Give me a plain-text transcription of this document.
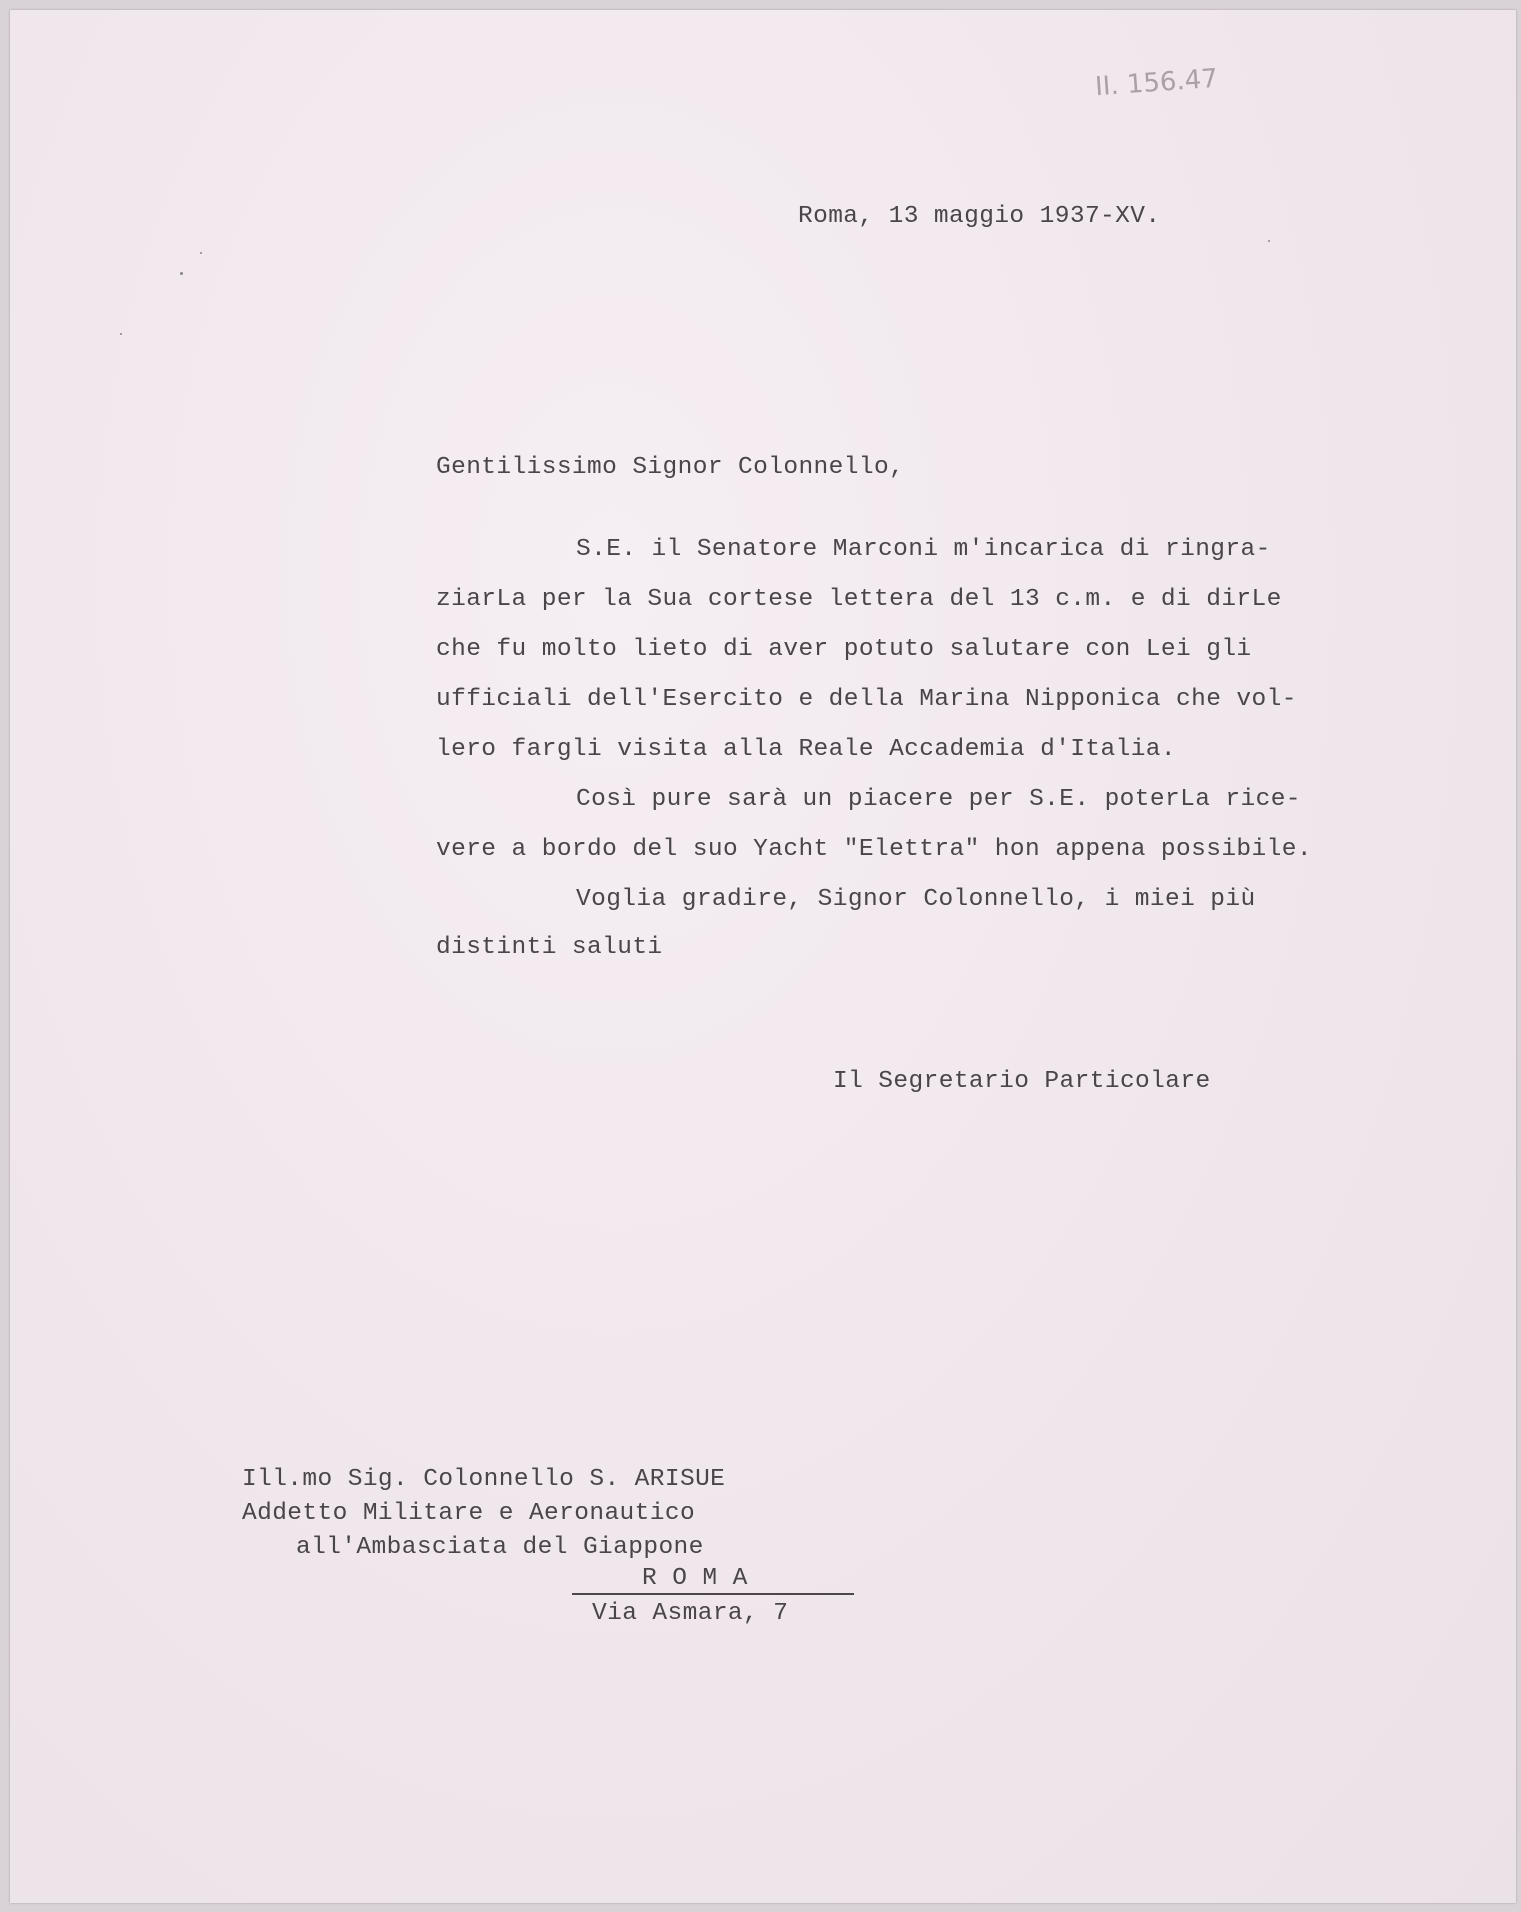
II. 156.47
Roma, 13 maggio 1937-XV.
Gentilissimo Signor Colonnello,
S.E. il Senatore Marconi m'incarica di ringra-
ziarLa per la Sua cortese lettera del 13 c.m. e di dirLe
che fu molto lieto di aver potuto salutare con Lei gli
ufficiali dell'Esercito e della Marina Nipponica che vol-
lero fargli visita alla Reale Accademia d'Italia.
Così pure sarà un piacere per S.E. poterLa rice-
vere a bordo del suo Yacht "Elettra" hon appena possibile.
Voglia gradire, Signor Colonnello, i miei più
distinti saluti
Il Segretario Particolare
Ill.mo Sig. Colonnello S. ARISUE
Addetto Militare e Aeronautico
all'Ambasciata del Giappone
R O M A
Via Asmara, 7
